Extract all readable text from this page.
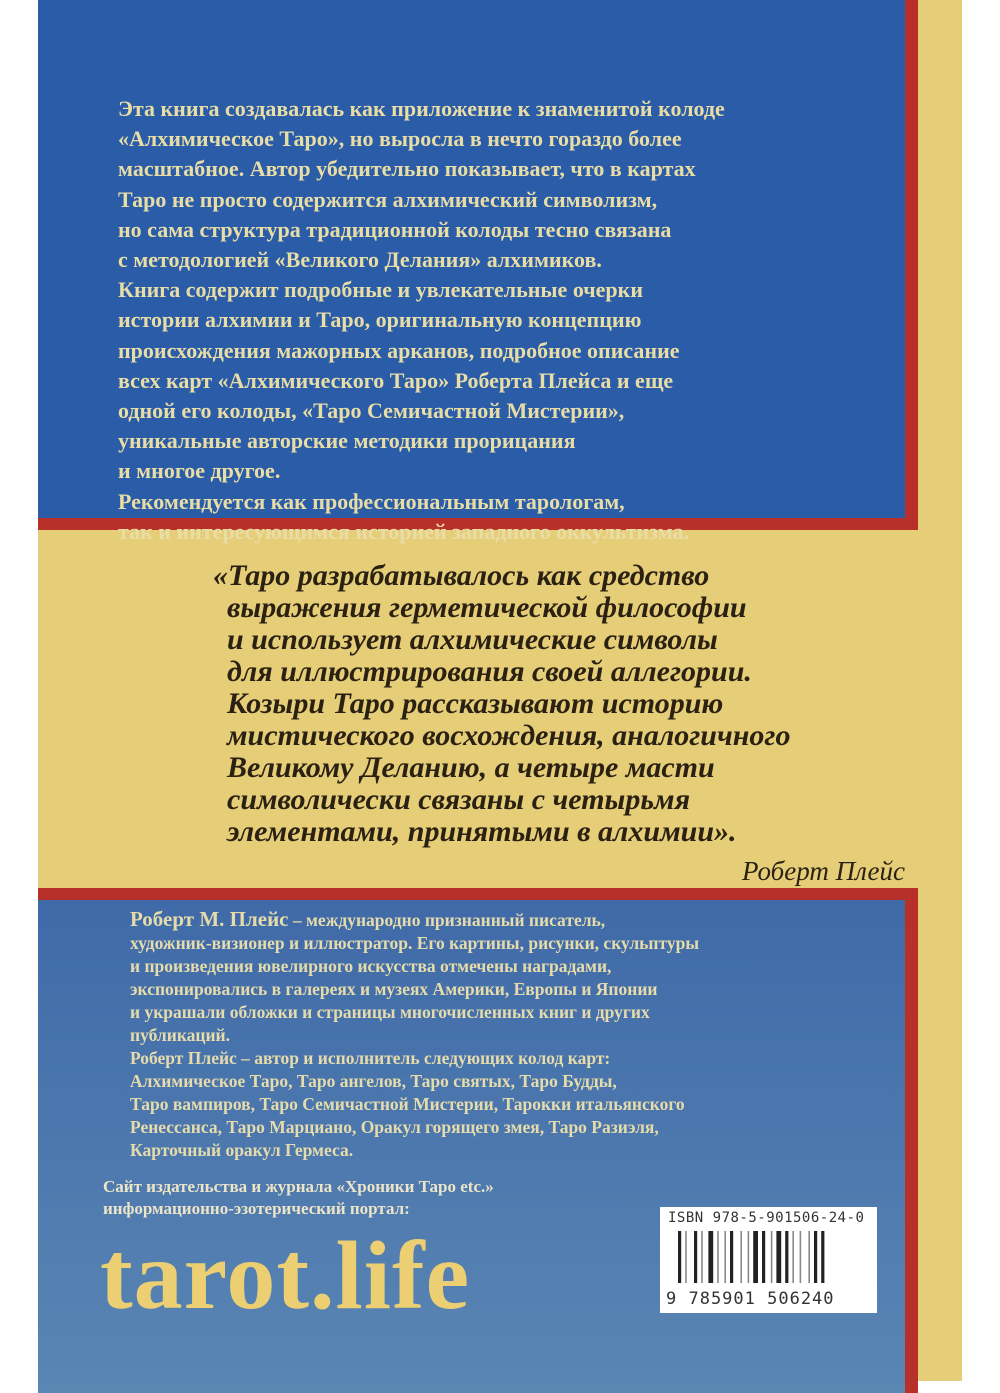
Эта книга создавалась как приложение к знаменитой колоде
«Алхимическое Таро», но выросла в нечто гораздо более
масштабное. Автор убедительно показывает, что в картах
Таро не просто содержится алхимический символизм,
но сама структура традиционной колоды тесно связана
с методологией «Великого Делания» алхимиков.
Книга содержит подробные и увлекательные очерки
истории алхимии и Таро, оригинальную концепцию
происхождения мажорных арканов, подробное описание
всех карт «Алхимического Таро» Роберта Плейса и еще
одной его колоды, «Таро Семичастной Мистерии»,
уникальные авторские методики прорицания
и многое другое.
Рекомендуется как профессиональным тарологам,
так и интересующимся историей западного оккультизма.
«Таро разрабатывалось как средство
выражения герметической философии
и использует алхимические символы
для иллюстрирования своей аллегории.
Козыри Таро рассказывают историю
мистического восхождения, аналогичного
Великому Деланию, а четыре масти
символически связаны с четырьмя
элементами, принятыми в алхимии».
Роберт Плейс
Роберт М. Плейс – международно признанный писатель,
художник-визионер и иллюстратор. Его картины, рисунки, скульптуры
и произведения ювелирного искусства отмечены наградами,
экспонировались в галереях и музеях Америки, Европы и Японии
и украшали обложки и страницы многочисленных книг и других
публикаций.
Роберт Плейс – автор и исполнитель следующих колод карт:
Алхимическое Таро, Таро ангелов, Таро святых, Таро Будды,
Таро вампиров, Таро Семичастной Мистерии, Тарокки итальянского
Ренессанса, Таро Марциано, Оракул горящего змея, Таро Разиэля,
Карточный оракул Гермеса.
Сайт издательства и журнала «Хроники Таро etc.»
информационно-эзотерический портал:
tarot.life
ISBN 978-5-901506-24-0
9 785901 506240
